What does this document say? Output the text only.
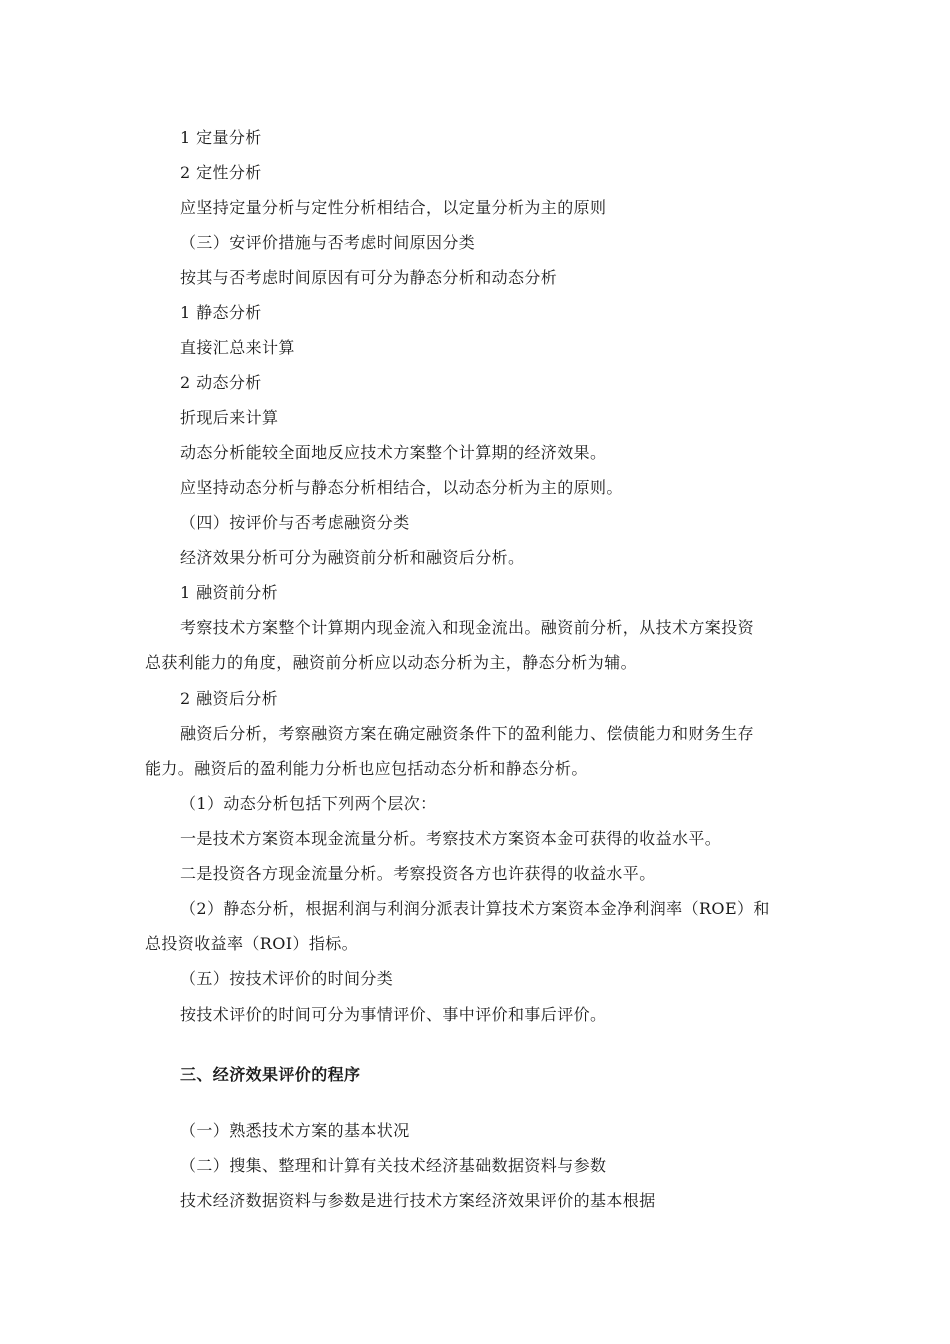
1 定量分析
2 定性分析
应坚持定量分析与定性分析相结合，以定量分析为主的原则
（三）安评价措施与否考虑时间原因分类
按其与否考虑时间原因有可分为静态分析和动态分析
1 静态分析
直接汇总来计算
2 动态分析
折现后来计算
动态分析能较全面地反应技术方案整个计算期的经济效果。
应坚持动态分析与静态分析相结合，以动态分析为主的原则。
（四）按评价与否考虑融资分类
经济效果分析可分为融资前分析和融资后分析。
1 融资前分析
考察技术方案整个计算期内现金流入和现金流出。融资前分析，从技术方案投资
总获利能力的角度，融资前分析应以动态分析为主，静态分析为辅。
2 融资后分析
融资后分析，考察融资方案在确定融资条件下的盈利能力、偿债能力和财务生存
能力。融资后的盈利能力分析也应包括动态分析和静态分析。
（1）动态分析包括下列两个层次：
一是技术方案资本现金流量分析。考察技术方案资本金可获得的收益水平。
二是投资各方现金流量分析。考察投资各方也许获得的收益水平。
（2）静态分析，根据利润与利润分派表计算技术方案资本金净利润率（ROE）和
总投资收益率（ROI）指标。
（五）按技术评价的时间分类
按技术评价的时间可分为事情评价、事中评价和事后评价。
三、经济效果评价的程序
（一）熟悉技术方案的基本状况
（二）搜集、整理和计算有关技术经济基础数据资料与参数
技术经济数据资料与参数是进行技术方案经济效果评价的基本根据
